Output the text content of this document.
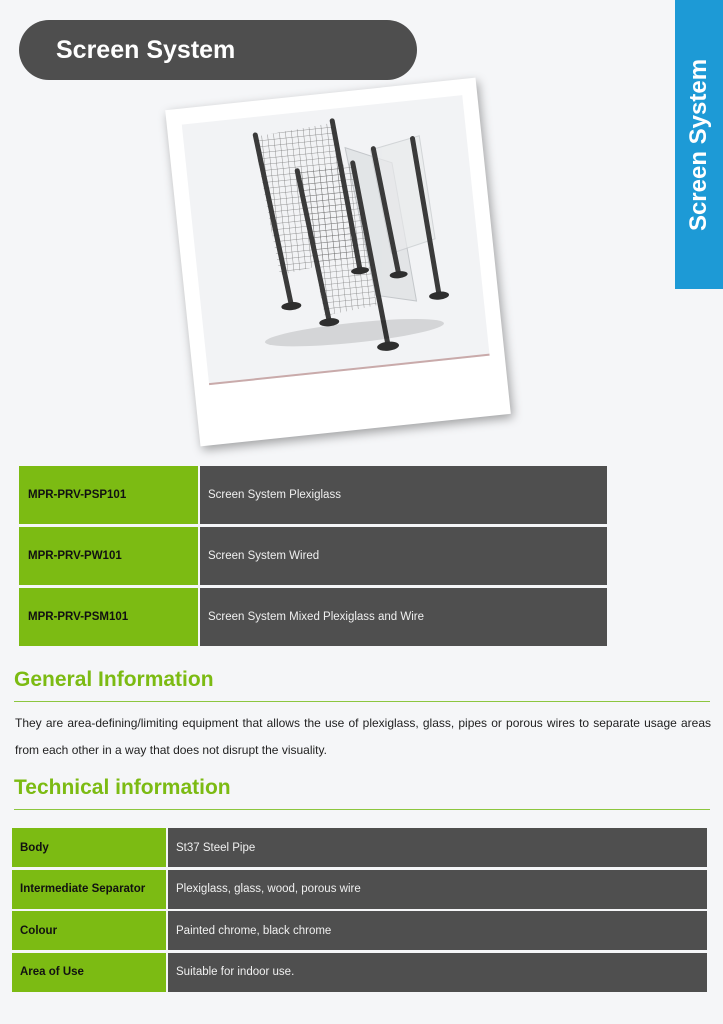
Screen System
Screen System
MPR-PRV-PSP101	Screen System Plexiglass
MPR-PRV-PW101	Screen System Wired
MPR-PRV-PSM101	Screen System Mixed Plexiglass and Wire
General Information
They are area-defining/limiting equipment that allows the use of plexiglass, glass, pipes or porous wires to separate usage areas from each other in a way that does not disrupt the visuality.
Technical information
Body	St37 Steel Pipe
Intermediate Separator	Plexiglass, glass, wood, porous wire
Colour	Painted chrome, black chrome
Area of Use	Suitable for indoor use.
